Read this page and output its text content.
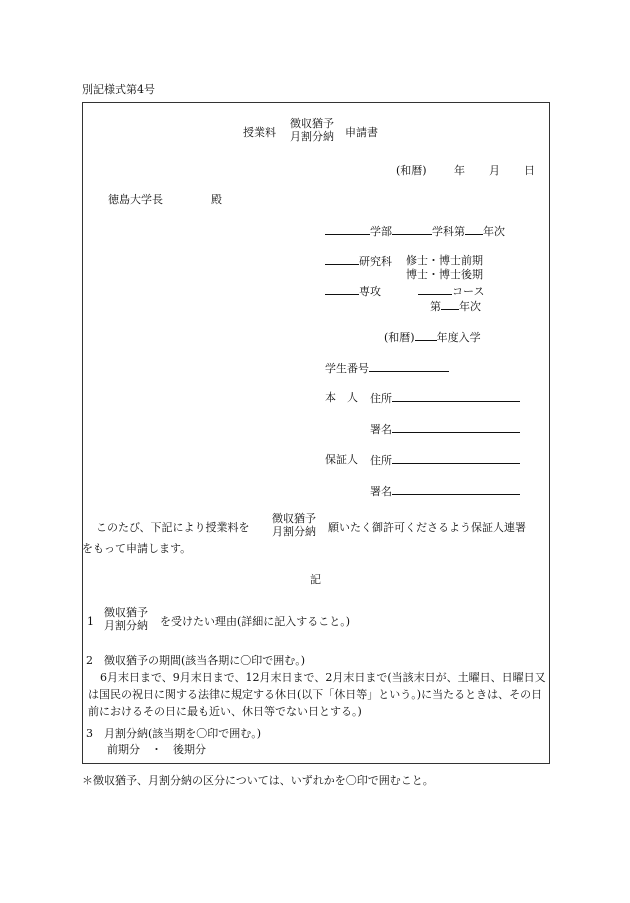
別記様式第4号
授業料
徴収猶予
月割分納 申請書
(和暦) 年 月 日
徳島大学長	殿
学部	学科第 年次
研究科 修士・博士前期
博士・博士後期
専攻	コース
第 年次
(和暦) 年度入学
学生番号
本　人 住所
署名
保証人 住所
署名
このたび、下記により授業料を
徴収猶予
月割分納	願いたく御許可くださるよう保証人連署
をもって申請します。
記
1
徴収猶予
月割分納	を受けたい理由(詳細に記入すること。)
2　徴収猶予の期間(該当各期に〇印で囲む。)
6月末日まで、9月末日まで、12月末日まで、2月末日まで(当該末日が、土曜日、日曜日又は国民の祝日に関する法律に規定する休日(以下「休日等」という。)に当たるときは、その日前におけるその日に最も近い、休日等でない日とする。)
3　月割分納(該当期を〇印で囲む。)
前期分　・　後期分
＊徴収猶予、月割分納の区分については、いずれかを〇印で囲むこと。
